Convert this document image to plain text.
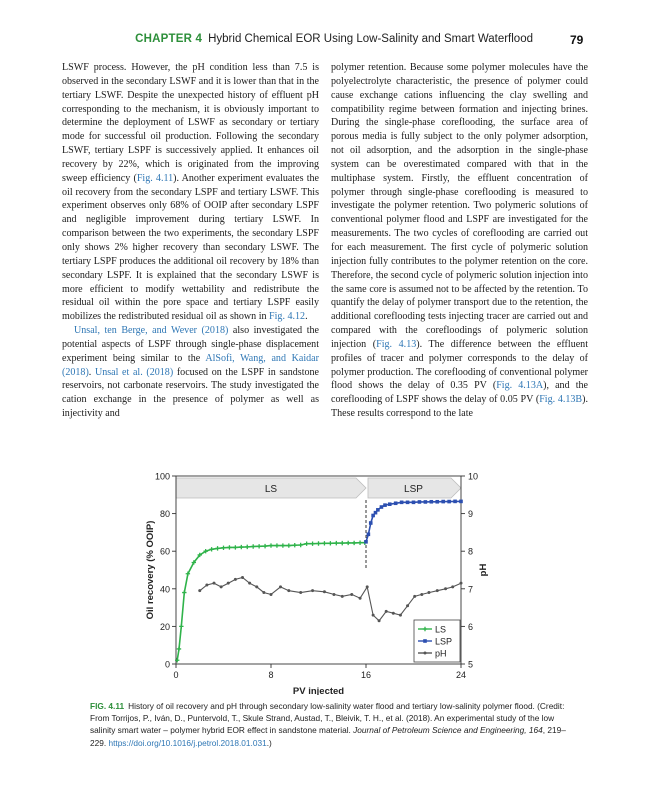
CHAPTER 4 Hybrid Chemical EOR Using Low-Salinity and Smart Waterflood	79

LSWF process. However, the pH condition less than 7.5 is observed in the secondary LSWF and it is lower than that in the tertiary LSWF. Despite the unexpected history of effluent pH corresponding to the mechanism, it is obviously important to determine the deployment of LSWF as secondary or tertiary mode for successful oil production. Following the secondary LSWF, tertiary LSPF is successively applied. It enhances oil recovery by 22%, which is originated from the improving sweep efficiency (Fig. 4.11). Another experiment evaluates the oil recovery from the secondary LSPF and tertiary LSWF. This experiment observes only 68% of OOIP after secondary LSPF and negligible improvement during tertiary LSWF. In comparison between the two experiments, the secondary LSPF only shows 2% higher recovery than secondary LSWF. The tertiary LSPF produces the additional oil recovery by 18% than secondary LSPF. It is explained that the secondary LSWF is more efficient to modify wettability and redistribute the residual oil within the pore space and tertiary LSPF easily mobilizes the redistributed residual oil as shown in Fig. 4.12.

Unsal, ten Berge, and Wever (2018) also investigated the potential aspects of LSPF through single-phase displacement experiment being similar to the AlSofi, Wang, and Kaidar (2018). Unsal et al. (2018) focused on the LSPF in sandstone reservoirs, not carbonate reservoirs. The study investigated the cation exchange in the presence of polymer as well as injectivity and

polymer retention. Because some polymer molecules have the polyelectrolyte characteristic, the presence of polymer could cause exchange cations influencing the clay swelling and compatibility regime between formation and injecting brines. During the single-phase coreflooding, the surface area of porous media is fully subject to the only polymer adsorption, not oil adsorption, and the adsorption in the single-phase system can be overestimated compared with that in the multiphase system. Firstly, the effluent concentration of polymer through single-phase coreflooding is measured to investigate the polymer retention. Two polymeric solutions of conventional polymer flood and LSPF are investigated for the measurements. The two cycles of coreflooding are carried out for each measurement. The first cycle of polymeric solution injection fully contributes to the polymer retention on the core. Therefore, the second cycle of polymeric solution injection into the same core is assumed not to be affected by the retention. To quantify the delay of polymer transport due to the retention, the additional coreflooding tests injecting tracer are carried out and compared with the corefloodings of polymeric solution injection (Fig. 4.13). The difference between the effluent profiles of tracer and polymer corresponds to the delay of polymer production. The coreflooding of conventional polymer flood shows the delay of 0.35 PV (Fig. 4.13A), and the coreflooding of LSPF shows the delay of 0.05 PV (Fig. 4.13B). These results correspond to the late

LS	LSP
0
20
40
60
80
100
5
6
7
8
9
10
0	8	16	24
PV injected
Oil recovery (% OOIP)	pH
LS
LSP
pH
FIG. 4.11 History of oil recovery and pH through secondary low-salinity water flood and tertiary low-salinity polymer flood. (Credit: From Torrijos, P., Iván, D., Puntervold, T., Skule Strand, Austad, T., Bleivik, T. H., et al. (2018). An experimental study of the low salinity smart water – polymer hybrid EOR effect in sandstone material. Journal of Petroleum Science and Engineering, 164, 219–229. https://doi.org/10.1016/j.petrol.2018.01.031.)
